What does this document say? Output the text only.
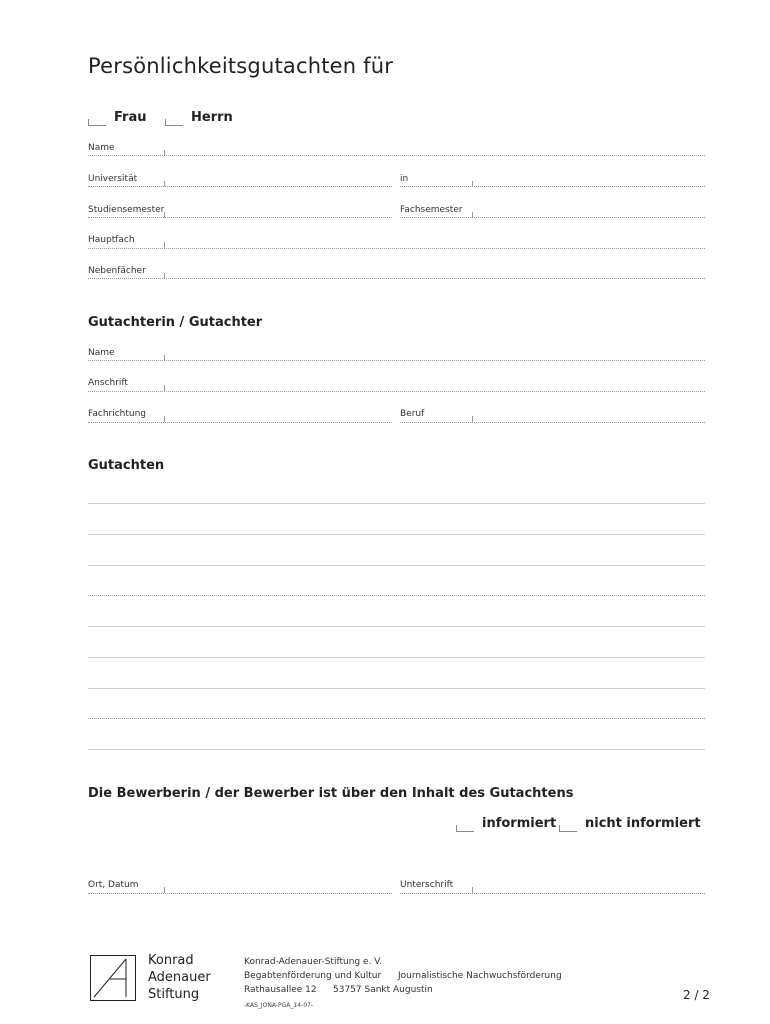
Persönlichkeitsgutachten für
Frau	Herrn
Name
Universität	in
Studiensemester	Fachsemester
Hauptfach
Nebenfächer
Gutachterin / Gutachter
Name
Anschrift
Fachrichtung	Beruf
Gutachten
Die Bewerberin / der Bewerber ist über den Inhalt des Gutachtens
informiert nicht informiert
Ort, Datum	Unterschrift
Konrad
Adenauer
Stiftung
Konrad-Adenauer-Stiftung e. V.
Begabtenförderung und Kultur Journalistische Nachwuchsförderung
Rathausallee 12 53757 Sankt Augustin
-KAS_JONA-PGA_14-07-
2 / 2
